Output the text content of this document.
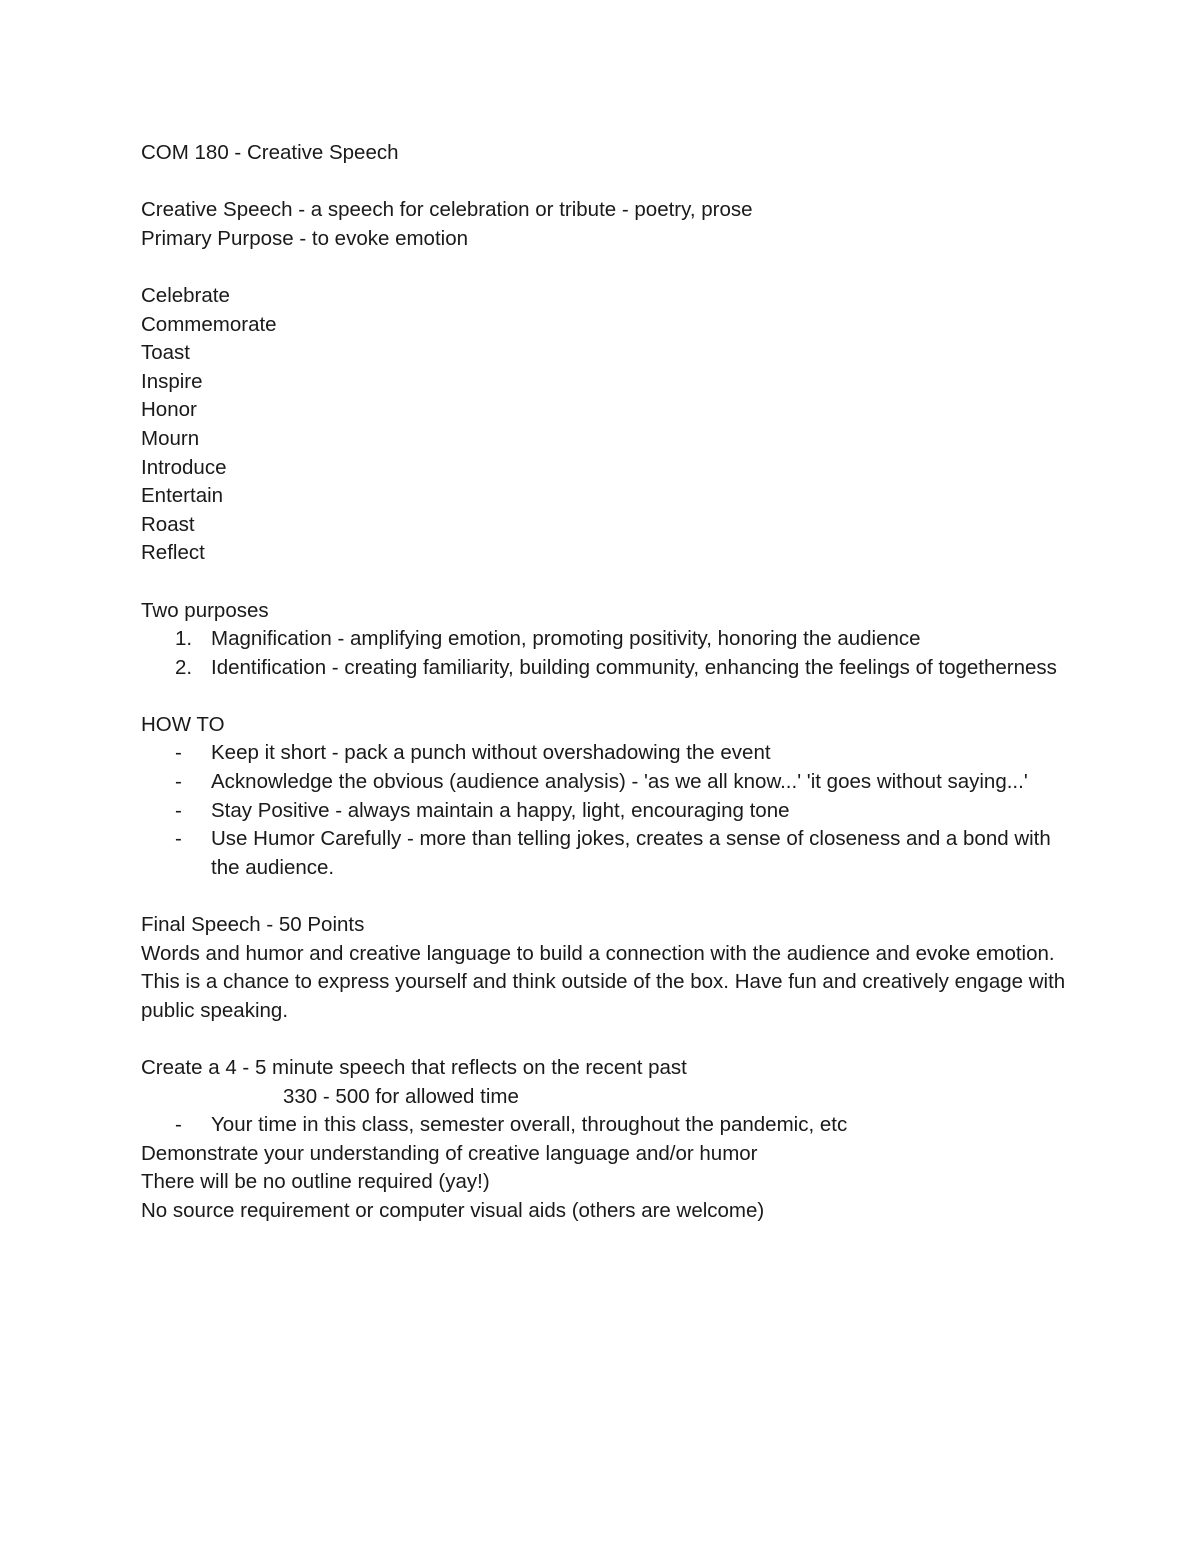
COM 180 - Creative Speech

Creative Speech - a speech for celebration or tribute - poetry, prose

Primary Purpose - to evoke emotion

Celebrate

Commemorate

Toast

Inspire

Honor

Mourn

Introduce

Entertain

Roast

Reflect

Two purposes

1. Magnification - amplifying emotion, promoting positivity, honoring the audience
2. Identification - creating familiarity, building community, enhancing the feelings of togetherness

HOW TO

- Keep it short - pack a punch without overshadowing the event
- Acknowledge the obvious (audience analysis) - 'as we all know...' 'it goes without saying...'
- Stay Positive - always maintain a happy, light, encouraging tone
- Use Humor Carefully - more than telling jokes, creates a sense of closeness and a bond with the audience.

Final Speech - 50 Points

Words and humor and creative language to build a connection with the audience and evoke emotion. This is a chance to express yourself and think outside of the box. Have fun and creatively engage with public speaking.

Create a 4 - 5 minute speech that reflects on the recent past

330 - 500 for allowed time

- Your time in this class, semester overall, throughout the pandemic, etc

Demonstrate your understanding of creative language and/or humor

There will be no outline required (yay!)

No source requirement or computer visual aids (others are welcome)
